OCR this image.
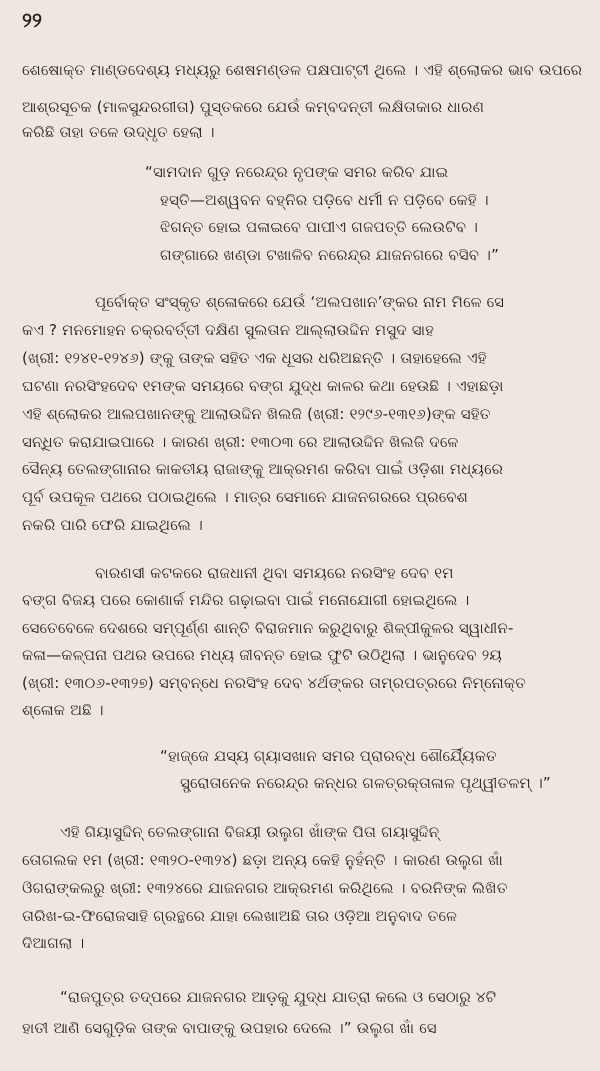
୨୨
ଶେଷୋକ୍ତ ମାଣ୍ଡଦେଶ୍ୟ ମଧ୍ୟରୁ ଶେଷମଣ୍ଡଳ ପକ୍ଷପାଟ୍ଟୀ ଥିଲେ । ଏହି ଶ୍ଲୋକର ଭାବ ଉପରେ
ଆଶ୍ରସୂଚକ (ମାଳସୁନ୍ଦରଗୀତା) ପୁସ୍ତକରେ ଯେଉଁ କମ୍ବଦନ୍ତୀ ଲକ୍ଷିତାକାର ଧାରଣ
କରିଛି ତାହା ତଳେ ଉଦ୍ଧୃତ ହେଲା ।
“ସାମଦାନ ଗୁଡ଼ ନରେନ୍ଦ୍ର ନୃପଙ୍କ ସମର କରିବ ଯାଇ
ହସ୍ତି—ଅଶ୍ୱବନ ବହ୍ନିର ପଡ଼ିବେ ଧର୍ମୀ ନ ପଡ଼ିବେ କେହି ।
ଝିଗନ୍ତ ହୋଇ ପଳାଇବେ ପାପୀଏ ଗଜପତ୍ତି ଲେଉଟିବ ।
ଗଙ୍ଗାରେ ଖଣ୍ଡା ଟଖାଳିବ ନରେନ୍ଦ୍ର ଯାଜନଗରେ ବସିବ ।”
ପୂର୍ବୋକ୍ତ ସଂସ୍କୃତ ଶ୍ଳୋକରେ ଯେଉଁ ‘ଅଲପଖାନ’ଙ୍କର ନାମ ମିଳେ ସେ
କଏ ? ମନମୋହନ ଚକ୍ରବର୍ତ୍ତୀ ଦକ୍ଷିଣ ସୁଲତାନ ଆଲ୍ଲାଉଦ୍ଦିନ ମସୁଦ ସାହ
(ଖ୍ରୀ: ୧୨୪୧-୧୨୪୬) ଙ୍କୁ ତାଙ୍କ ସହିତ ଏକ ଧୂସର ଧରିଅଛନ୍ତି । ତାହାହେଲେ ଏହି
ଘଟଣା ନରସିଂହଦେବ ୧ମଙ୍କ ସମୟରେ ବଙ୍ଗ ଯୁଦ୍ଧ କାଳର କଥା ହେଉଛି । ଏହାଛଡ଼ା
ଏହି ଶ୍ଲୋକର ଆଲପଖାନଙ୍କୁ ଆଲାଉଦ୍ଦିନ ଖିଲଜି (ଖ୍ରୀ: ୧୨୯୬-୧୩୧୬)ଙ୍କ ସହିତ
ସନ୍ଧିତ କରାଯାଇପାରେ । କାରଣ ଖ୍ରୀ: ୧୩୦୩ ରେ ଆଲାଉଦ୍ଦିନ ଖିଲଜି ଦଳେ
ସୈନ୍ୟ ତେଲଙ୍ଗାନାର କାକତୀୟ ରାଜାଙ୍କୁ ଆକ୍ରମଣ କରିବା ପାଇଁ ଓଡ଼ିଶା ମଧ୍ୟରେ
ପୂର୍ବ ଉପକୂଳ ପଥରେ ପଠାଇଥିଲେ । ମାତ୍ର ସେମାନେ ଯାଜନଗରରେ ପ୍ରବେଶ
ନକରି ପାରି ଫେରି ଯାଇଥିଲେ ।
ବାରଣସୀ କଟକରେ ରାଜଧାନୀ ଥିବା ସମୟରେ ନରସିଂହ ଦେବ ୧ମ
ବଙ୍ଗ ବିଜୟ ପରେ କୋଣାର୍କ ମନ୍ଦିର ଗଢ଼ାଇବା ପାଇଁ ମନୋଯୋଗୀ ହୋଇଥିଲେ ।
ସେତେବେଳେ ଦେଶରେ ସମ୍ପୂର୍ଣ୍ଣ ଶାନ୍ତି ବିରାଜମାନ କରୁଥିବାରୁ ଶିଳ୍ପୀକୁଳର ସ୍ୱାଧୀନ-
କଳା—କଳ୍ପନା ପଥର ଉପରେ ମଧ୍ୟ ଜୀବନ୍ତ ହୋଇ ଫୁଟି ଉଠିଥିଲା । ଭାନୁଦେବ ୨ୟ
(ଖ୍ରୀ: ୧୩୦୬-୧୩୨୭) ସମ୍ବନ୍ଧେ ନରସିଂହ ଦେବ ୪ର୍ଥଙ୍କର ତାମ୍ରପତ୍ରରେ ନିମ୍ନୋକ୍ତ
ଶ୍ଳୋକ ଅଛି ।
“ହାଜ୍ଜେ ଯସ୍ୟ ଗ୍ୟାସଖାନ ସମର ପ୍ରାରବ୍ଧ ଶୌର୍ଯ୍ୟୈକତ
ସ୍ପ୍ରୋତାନେକ ନରେନ୍ଦ୍ର କନ୍ଧର ଗଳତ୍‌ରକ୍ତାଳାଳ ପୃଥ୍ୱୀତଳମ୍ ।”
ଏହି ଗିୟାସୁଦ୍ଦିନ୍ ତେଲଙ୍ଗାନା ବିଜୟୀ ଉଲୁଗ ଖାଁଙ୍କ ପିତା ଗୟାସୁଦ୍ଦିନ୍
ତୋଗଲକ ୧ମ (ଖ୍ରୀ: ୧୩୨୦-୧୩୨୪) ଛଡ଼ା ଅନ୍ୟ କେହି ନୁହଁନ୍ତି । କାରଣ ଉଲୁଗ ଖାଁ
ଓିଗରାଙ୍କଲରୁ ଖ୍ରୀ: ୧୩୨୪ରେ ଯାଜନଗର ଆକ୍ରମଣ କରିଥିଲେ । ବରନିଙ୍କ ଲିଖିତ
ତାରିଖ-ଇ-ଫିରୋଜସାହି ଗ୍ରନ୍ଥରେ ଯାହା ଲେଖାଅଛି ତାର ଓଡ଼ିଆ ଅନୁବାଦ ତଳେ
ଦିଆଗଲା ।
“ରାଜପୁତ୍ର ତଦ୍ପରେ ଯାଜନଗର ଆଡ଼କୁ ଯୁଦ୍ଧ ଯାତ୍ରା କଲେ ଓ ସେଠାରୁ ୪ଟି
ହାତୀ ଆଣି ସେଗୁଡ଼ିକ ତାଙ୍କ ବାପାଙ୍କୁ ଉପହାର ଦେଲେ ।” ଉଲୁଗ ଖାଁ ସେ
